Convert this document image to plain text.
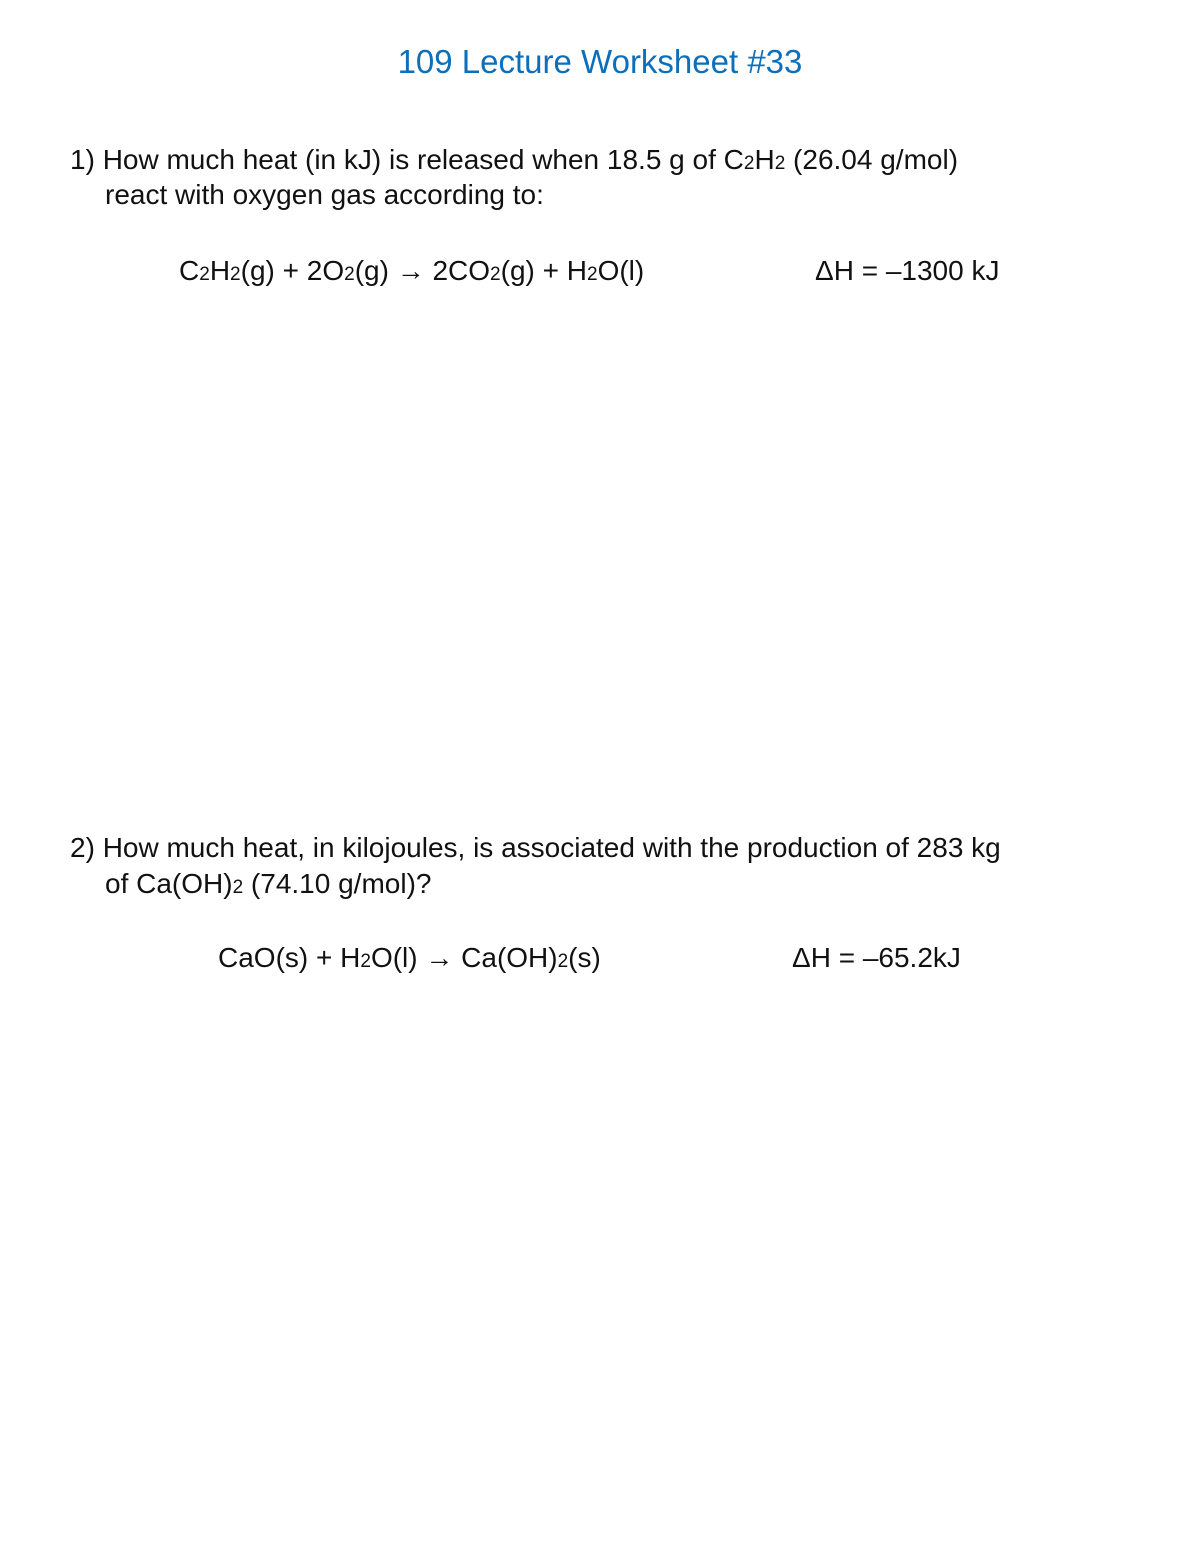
109 Lecture Worksheet #33
1) How much heat (in kJ) is released when 18.5 g of C2H2 (26.04 g/mol)
react with oxygen gas according to:
C2H2(g) + 2O2(g) → 2CO2(g) + H2O(l)	ΔH = –1300 kJ
2) How much heat, in kilojoules, is associated with the production of 283 kg
of Ca(OH)2 (74.10 g/mol)?
CaO(s) + H2O(l) → Ca(OH)2(s)	ΔH = –65.2kJ
